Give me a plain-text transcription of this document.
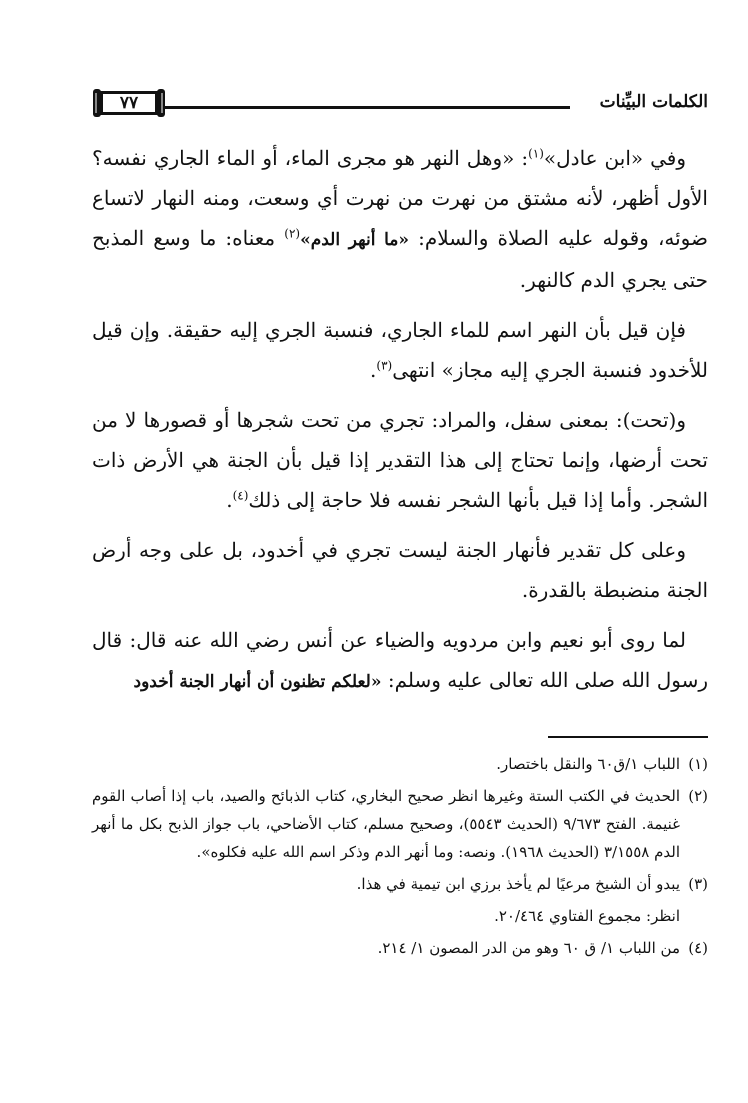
الكلمات البيِّنات
٧٧

وفي «ابن عادل»$^{(١)}$: «وهل النهر هو مجرى الماء، أو الماء الجاري نفسه؟ الأول أظهر، لأنه مشتق من نهرت من نهرت أي وسعت، ومنه النهار لاتساع ضوئه، وقوله عليه الصلاة والسلام: «ما أنهر الدم»$^{(٢)}$ معناه: ما وسع المذبح حتى يجري الدم كالنهر.

فإن قيل بأن النهر اسم للماء الجاري، فنسبة الجري إليه حقيقة. وإن قيل للأخدود فنسبة الجري إليه مجاز» انتهى$^{(٣)}$.

و(تحت): بمعنى سفل، والمراد: تجري من تحت شجرها أو قصورها لا من تحت أرضها، وإنما تحتاج إلى هذا التقدير إذا قيل بأن الجنة هي الأرض ذات الشجر. وأما إذا قيل بأنها الشجر نفسه فلا حاجة إلى ذلك$^{(٤)}$.

وعلى كل تقدير فأنهار الجنة ليست تجري في أخدود، بل على وجه أرض الجنة منضبطة بالقدرة.

لما روى أبو نعيم وابن مردويه والضياء عن أنس رضي الله عنه قال: قال رسول الله صلى الله تعالى عليه وسلم: «لعلكم تظنون أن أنهار الجنة أخدود

(١)
اللباب ١/ق٦٠ والنقل باختصار.
(٢)
الحديث في الكتب الستة وغيرها انظر صحيح البخاري، كتاب الذبائح والصيد، باب إذا أصاب القوم غنيمة. الفتح ٩/٦٧٣ (الحديث ٥٥٤٣)، وصحيح مسلم، كتاب الأضاحي، باب جواز الذبح بكل ما أنهر الدم ٣/١٥٥٨ (الحديث ١٩٦٨). ونصه: وما أنهر الدم وذكر اسم الله عليه فكلوه».
(٣)
يبدو أن الشيخ مرعيًا لم يأخذ برزي ابن تيمية في هذا.
انظر: مجموع الفتاوي ٢٠/٤٦٤.
(٤)
من اللباب ١/ ق ٦٠ وهو من الدر المصون ١/ ٢١٤.
